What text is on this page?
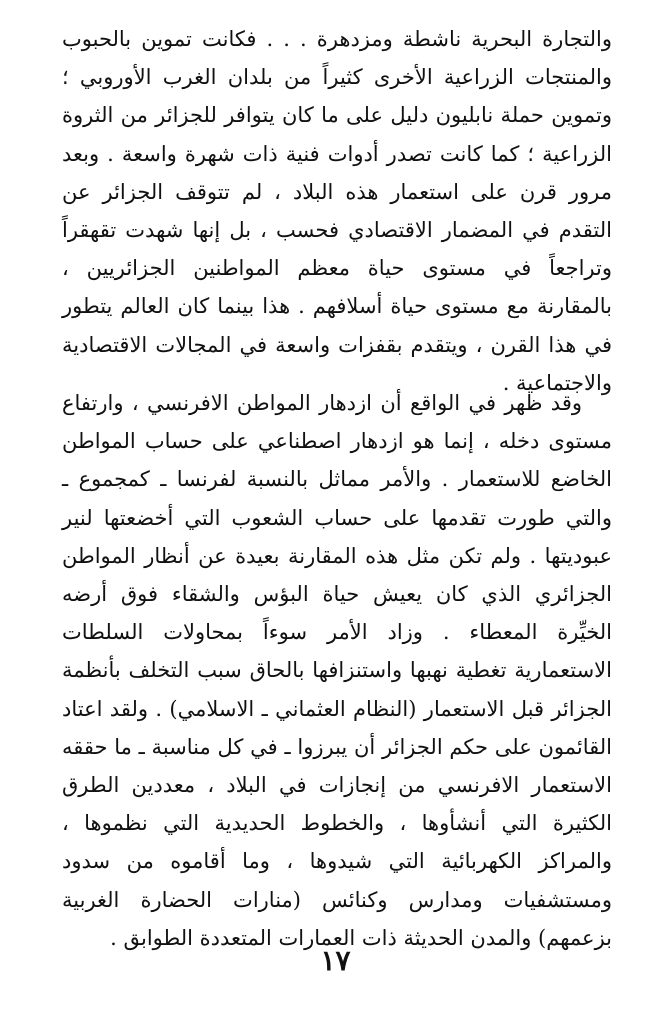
والتجارة البحرية ناشطة ومزدهرة . . . فكانت تموين بالحبوب والمنتجات الزراعية الأخرى كثيراً من بلدان الغرب الأوروبي ؛ وتموين حملة نابليون دليل على ما كان يتوافر للجزائر من الثروة الزراعية ؛ كما كانت تصدر أدوات فنية ذات شهرة واسعة . وبعد مرور قرن على استعمار هذه البلاد ، لم تتوقف الجزائر عن التقدم في المضمار الاقتصادي فحسب ، بل إنها شهدت تقهقراً وتراجعاً في مستوى حياة معظم المواطنين الجزائريين ، بالمقارنة مع مستوى حياة أسلافهم . هذا بينما كان العالم يتطور في هذا القرن ، ويتقدم بقفزات واسعة في المجالات الاقتصادية والاجتماعية .
وقد ظهر في الواقع أن ازدهار المواطن الافرنسي ، وارتفاع مستوى دخله ، إنما هو ازدهار اصطناعي على حساب المواطن الخاضع للاستعمار . والأمر مماثل بالنسبة لفرنسا ـ كمجموع ـ والتي طورت تقدمها على حساب الشعوب التي أخضعتها لنير عبوديتها . ولم تكن مثل هذه المقارنة بعيدة عن أنظار المواطن الجزائري الذي كان يعيش حياة البؤس والشقاء فوق أرضه الخيِّرة المعطاء . وزاد الأمر سوءاً بمحاولات السلطات الاستعمارية تغطية نهبها واستنزافها بالحاق سبب التخلف بأنظمة الجزائر قبل الاستعمار (النظام العثماني ـ الاسلامي) . ولقد اعتاد القائمون على حكم الجزائر أن يبرزوا ـ في كل مناسبة ـ ما حققه الاستعمار الافرنسي من إنجازات في البلاد ، معددين الطرق الكثيرة التي أنشأوها ، والخطوط الحديدية التي نظموها ، والمراكز الكهربائية التي شيدوها ، وما أقاموه من سدود ومستشفيات ومدارس وكنائس (منارات الحضارة الغربية بزعمهم) والمدن الحديثة ذات العمارات المتعددة الطوابق .
١٧
